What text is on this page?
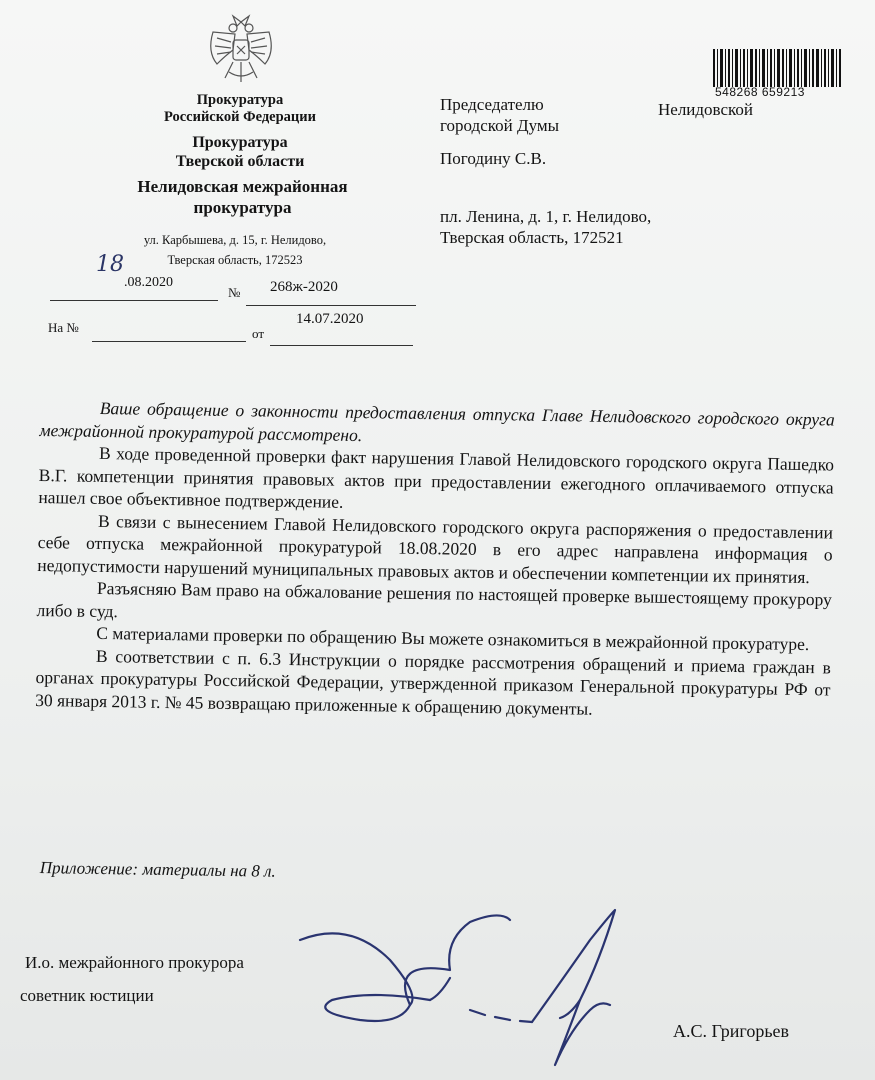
Прокуратура
Российской Федерации
Прокуратура
Тверской области
Нелидовская межрайонная
прокуратура
ул. Карбышева, д. 15, г. Нелидово,
Тверская область, 172523
18
.08.2020
№ 268ж-2020
На №	от
14.07.2020
548268 659213
Председателю
городской Думы
Нелидовской
Погодину С.В.
пл. Ленина, д. 1, г. Нелидово,
Тверская область, 172521

Ваше обращение о законности предоставления отпуска Главе Нелидовского городского округа межрайонной прокуратурой рассмотрено.

В ходе проведенной проверки факт нарушения Главой Нелидовского городского округа Пашедко В.Г. компетенции принятия правовых актов при предоставлении ежегодного оплачиваемого отпуска нашел свое объективное подтверждение.

В связи с вынесением Главой Нелидовского городского округа распоряжения о предоставлении себе отпуска межрайонной прокуратурой 18.08.2020 в его адрес направлена информация о недопустимости нарушений муниципальных правовых актов и обеспечении компетенции их принятия.

Разъясняю Вам право на обжалование решения по настоящей проверке вышестоящему прокурору либо в суд.

С материалами проверки по обращению Вы можете ознакомиться в межрайонной прокуратуре.

В соответствии с п. 6.3 Инструкции о порядке рассмотрения обращений и приема граждан в органах прокуратуры Российской Федерации, утвержденной приказом Генеральной прокуратуры РФ от 30 января 2013 г. № 45 возвращаю приложенные к обращению документы.

Приложение: материалы на 8 л.
И.о. межрайонного прокурора
советник юстиции
А.С. Григорьев
